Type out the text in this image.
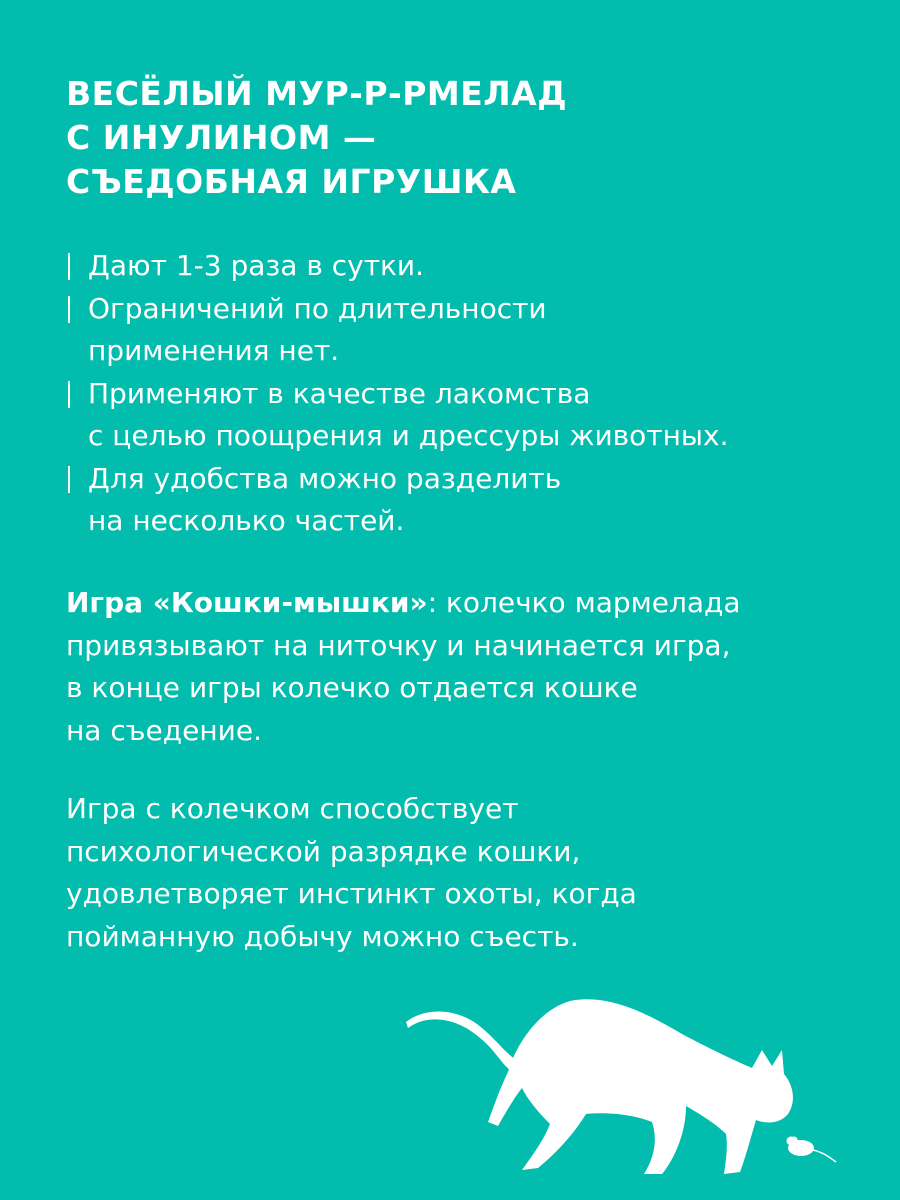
ВЕСЁЛЫЙ МУР-Р-РМЕЛАД
С ИНУЛИНОМ —
СЪЕДОБНАЯ ИГРУШКА
Дают 1-3 раза в сутки.
Ограничений по длительности
применения нет.
Применяют в качестве лакомства
с целью поощрения и дрессуры животных.
Для удобства можно разделить
на несколько частей.

Игра «Кошки-мышки»: колечко мармелада
привязывают на ниточку и начинается игра,
в конце игры колечко отдается кошке
на съедение.

Игра с колечком способствует
психологической разрядке кошки,
удовлетворяет инстинкт охоты, когда
пойманную добычу можно съесть.
